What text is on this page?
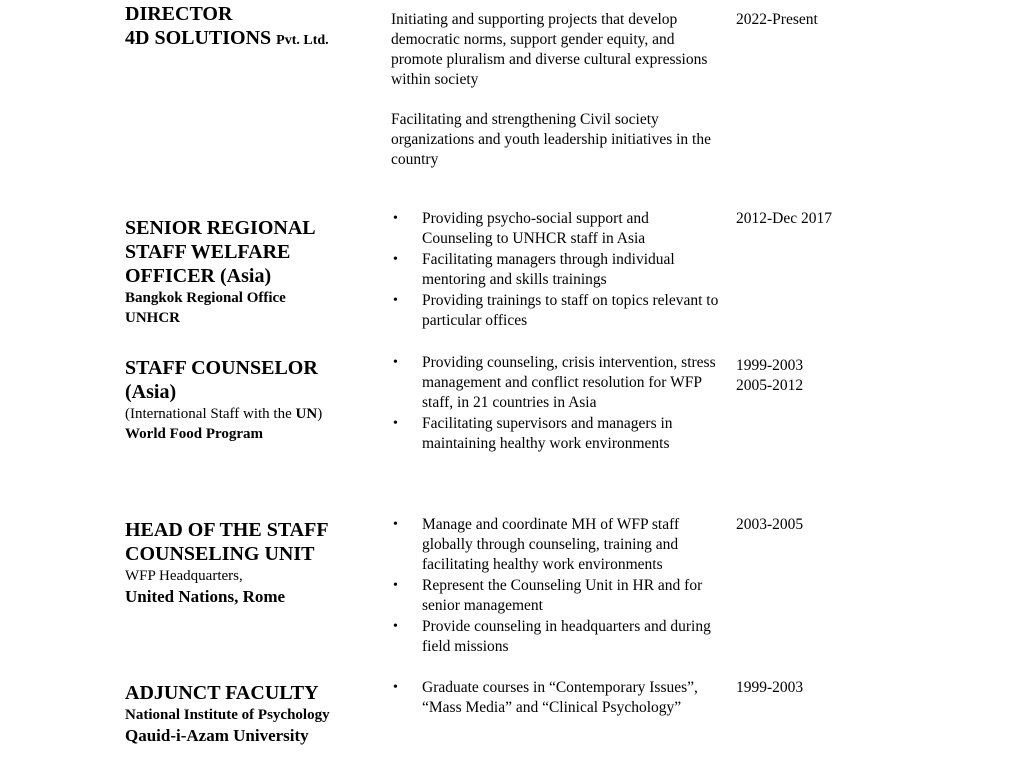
DIRECTOR
4D SOLUTIONS Pvt. Ltd.

Initiating and supporting projects that develop democratic norms, support gender equity, and promote pluralism and diverse cultural expressions within society

Facilitating and strengthening Civil society organizations and youth leadership initiatives in the country

2022-Present
SENIOR REGIONAL
STAFF WELFARE
OFFICER (Asia)
Bangkok Regional Office
UNHCR
• Providing psycho-social support and Counseling to UNHCR staff in Asia
• Facilitating managers through individual mentoring and skills trainings
• Providing trainings to staff on topics relevant to particular offices
2012-Dec 2017
STAFF COUNSELOR
(Asia)
(International Staff with the UN)
World Food Program
• Providing counseling, crisis intervention, stress management and conflict resolution for WFP staff, in 21 countries in Asia
• Facilitating supervisors and managers in maintaining healthy work environments
1999-2003
2005-2012
HEAD OF THE STAFF
COUNSELING UNIT
WFP Headquarters,
United Nations, Rome
• Manage and coordinate MH of WFP staff globally through counseling, training and facilitating healthy work environments
• Represent the Counseling Unit in HR and for senior management
• Provide counseling in headquarters and during field missions
2003-2005
ADJUNCT FACULTY
National Institute of Psychology
Qauid-i-Azam University
• Graduate courses in “Contemporary Issues”, “Mass Media” and “Clinical Psychology”
1999-2003
